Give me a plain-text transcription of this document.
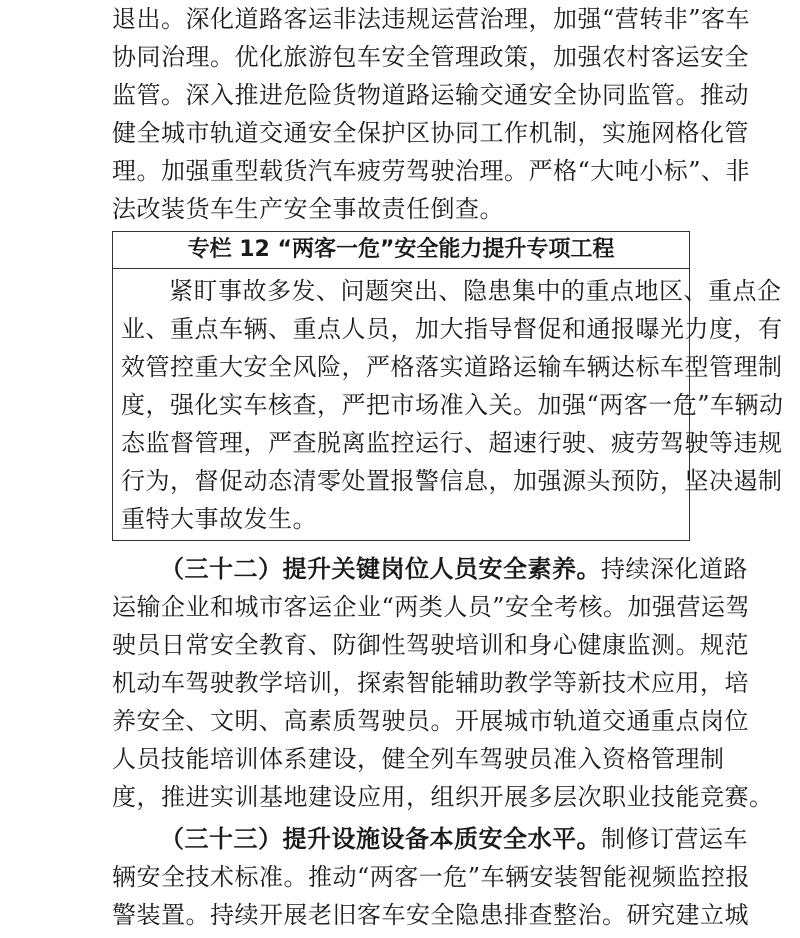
退出。深化道路客运非法违规运营治理，加强“营转非”客车
协同治理。优化旅游包车安全管理政策，加强农村客运安全
监管。深入推进危险货物道路运输交通安全协同监管。推动
健全城市轨道交通安全保护区协同工作机制，实施网格化管
理。加强重型载货汽车疲劳驾驶治理。严格“大吨小标”、非
法改装货车生产安全事故责任倒查。
专栏 12 “两客一危”安全能力提升专项工程
紧盯事故多发、问题突出、隐患集中的重点地区、重点企
业、重点车辆、重点人员，加大指导督促和通报曝光力度，有
效管控重大安全风险，严格落实道路运输车辆达标车型管理制
度，强化实车核查，严把市场准入关。加强“两客一危”车辆动
态监督管理，严查脱离监控运行、超速行驶、疲劳驾驶等违规
行为，督促动态清零处置报警信息，加强源头预防，坚决遏制
重特大事故发生。
（三十二）提升关键岗位人员安全素养。持续深化道路
运输企业和城市客运企业“两类人员”安全考核。加强营运驾
驶员日常安全教育、防御性驾驶培训和身心健康监测。规范
机动车驾驶教学培训，探索智能辅助教学等新技术应用，培
养安全、文明、高素质驾驶员。开展城市轨道交通重点岗位
人员技能培训体系建设，健全列车驾驶员准入资格管理制
度，推进实训基地建设应用，组织开展多层次职业技能竞赛。
（三十三）提升设施设备本质安全水平。制修订营运车
辆安全技术标准。推动“两客一危”车辆安装智能视频监控报
警装置。持续开展老旧客车安全隐患排查整治。研究建立城
